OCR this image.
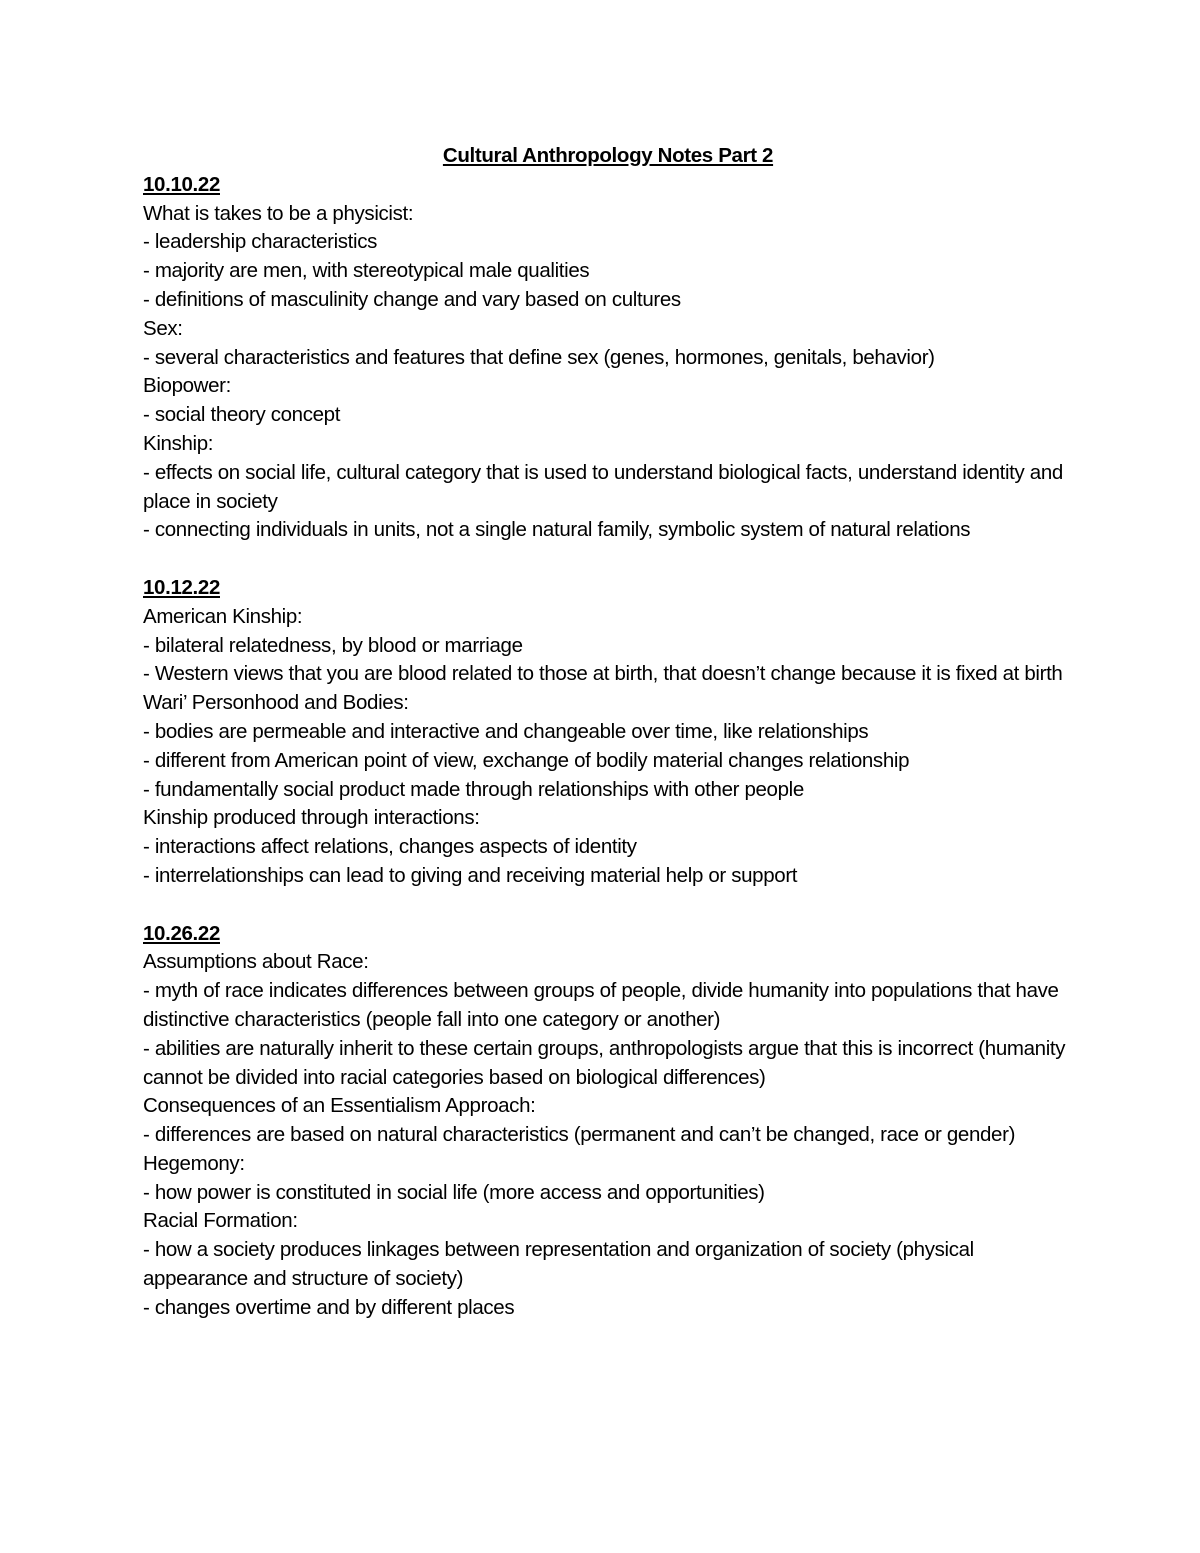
Cultural Anthropology Notes Part 2

10.10.22

What is takes to be a physicist:

- leadership characteristics

- majority are men, with stereotypical male qualities

- definitions of masculinity change and vary based on cultures

Sex:

- several characteristics and features that define sex (genes, hormones, genitals, behavior)

Biopower:

- social theory concept

Kinship:

- effects on social life, cultural category that is used to understand biological facts, understand identity and place in society

- connecting individuals in units, not a single natural family, symbolic system of natural relations

10.12.22

American Kinship:

- bilateral relatedness, by blood or marriage

- Western views that you are blood related to those at birth, that doesn’t change because it is fixed at birth

Wari’ Personhood and Bodies:

- bodies are permeable and interactive and changeable over time, like relationships

- different from American point of view, exchange of bodily material changes relationship

- fundamentally social product made through relationships with other people

Kinship produced through interactions:

- interactions affect relations, changes aspects of identity

- interrelationships can lead to giving and receiving material help or support

10.26.22

Assumptions about Race:

- myth of race indicates differences between groups of people, divide humanity into populations that have distinctive characteristics (people fall into one category or another)

- abilities are naturally inherit to these certain groups, anthropologists argue that this is incorrect (humanity cannot be divided into racial categories based on biological differences)

Consequences of an Essentialism Approach:

- differences are based on natural characteristics (permanent and can’t be changed, race or gender)

Hegemony:

- how power is constituted in social life (more access and opportunities)

Racial Formation:

- how a society produces linkages between representation and organization of society (physical appearance and structure of society)

- changes overtime and by different places
